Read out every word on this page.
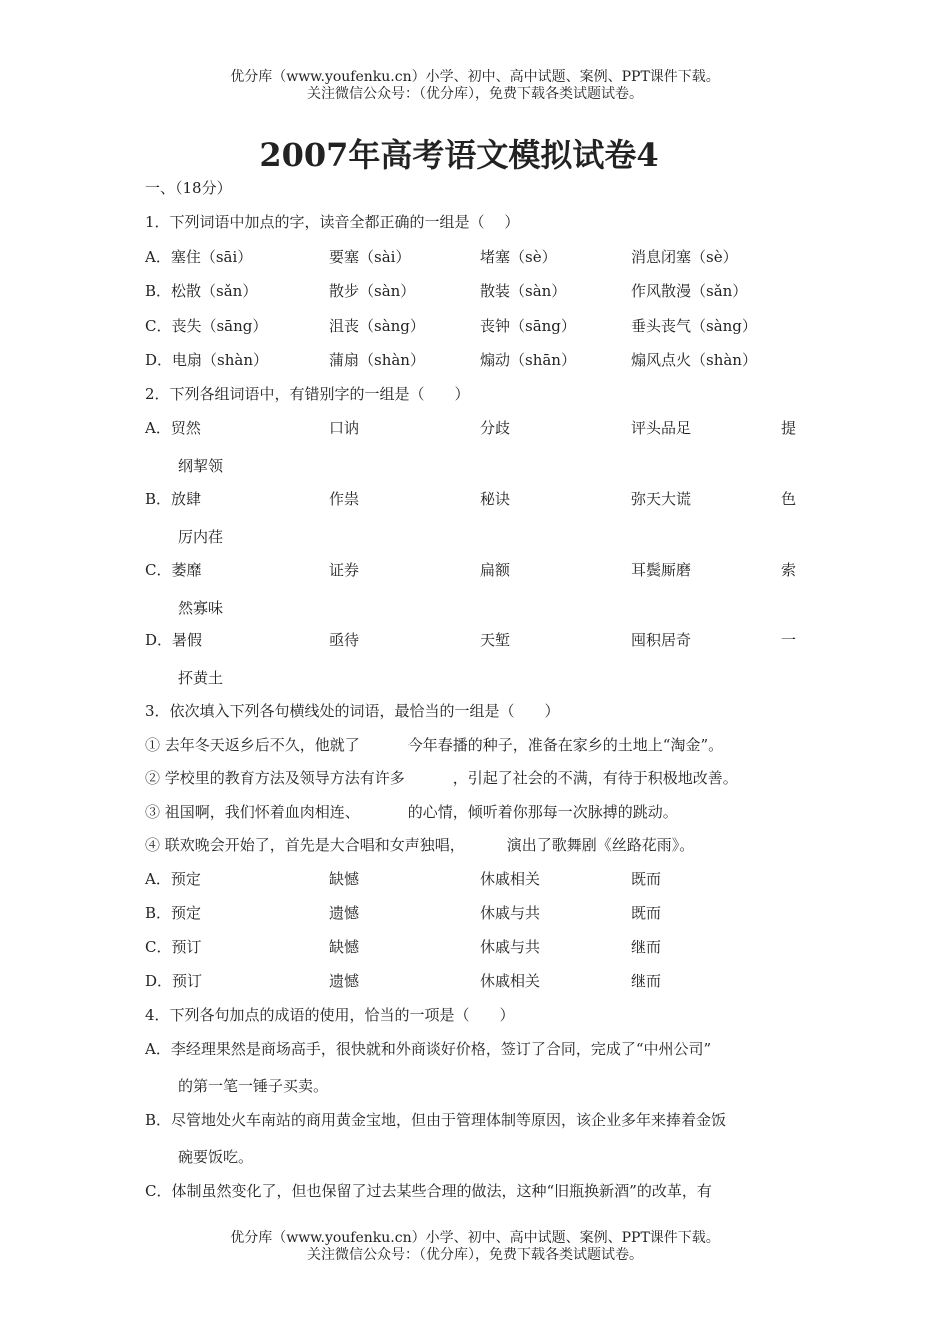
优分库（www.youfenku.cn）小学、初中、高中试题、案例、PPT课件下载。
关注微信公众号：（优分库），免费下载各类试题试卷。
2007年高考语文模拟试卷4
一、（18分）
1．下列词语中加点的字，读音全都正确的一组是（　 ）
A．塞住（sāi）	要塞（sài）	堵塞（sè）	消息闭塞（sè）
B．松散（sǎn）	散步（sàn）	散装（sàn）	作风散漫（sǎn）
C．丧失（sāng）	沮丧（sàng）	丧钟（sāng）	垂头丧气（sàng）
D．电扇（shàn）	蒲扇（shàn）	煽动（shān）	煽风点火（shàn）
2．下列各组词语中，有错别字的一组是（　　）
A．贸然	口讷	分歧	评头品足	提
纲挈领
B．放肆	作祟	秘诀	弥天大谎	色
厉内荏
C．萎靡	证券	扁额	耳鬓厮磨	索
然寡味
D．暑假	亟待	天堑	囤积居奇	一
抔黄土
3．依次填入下列各句横线处的词语，最恰当的一组是（　　）
① 去年冬天返乡后不久，他就了	今年春播的种子，准备在家乡的土地上“淘金”。
② 学校里的教育方法及领导方法有许多	，引起了社会的不满，有待于积极地改善。
③ 祖国啊，我们怀着血肉相连、	的心情，倾听着你那每一次脉搏的跳动。
④ 联欢晚会开始了，首先是大合唱和女声独唱，	演出了歌舞剧《丝路花雨》。
A．预定	缺憾	休戚相关	既而
B．预定	遗憾	休戚与共	既而
C．预订	缺憾	休戚与共	继而
D．预订	遗憾	休戚相关	继而
4．下列各句加点的成语的使用，恰当的一项是（　　）
A．李经理果然是商场高手，很快就和外商谈好价格，签订了合同，完成了“中州公司”
的第一笔一锤子买卖。
B．尽管地处火车南站的商用黄金宝地，但由于管理体制等原因，该企业多年来捧着金饭
碗要饭吃。
C．体制虽然变化了，但也保留了过去某些合理的做法，这种“旧瓶换新酒”的改革，有
优分库（www.youfenku.cn）小学、初中、高中试题、案例、PPT课件下载。
关注微信公众号：（优分库），免费下载各类试题试卷。
